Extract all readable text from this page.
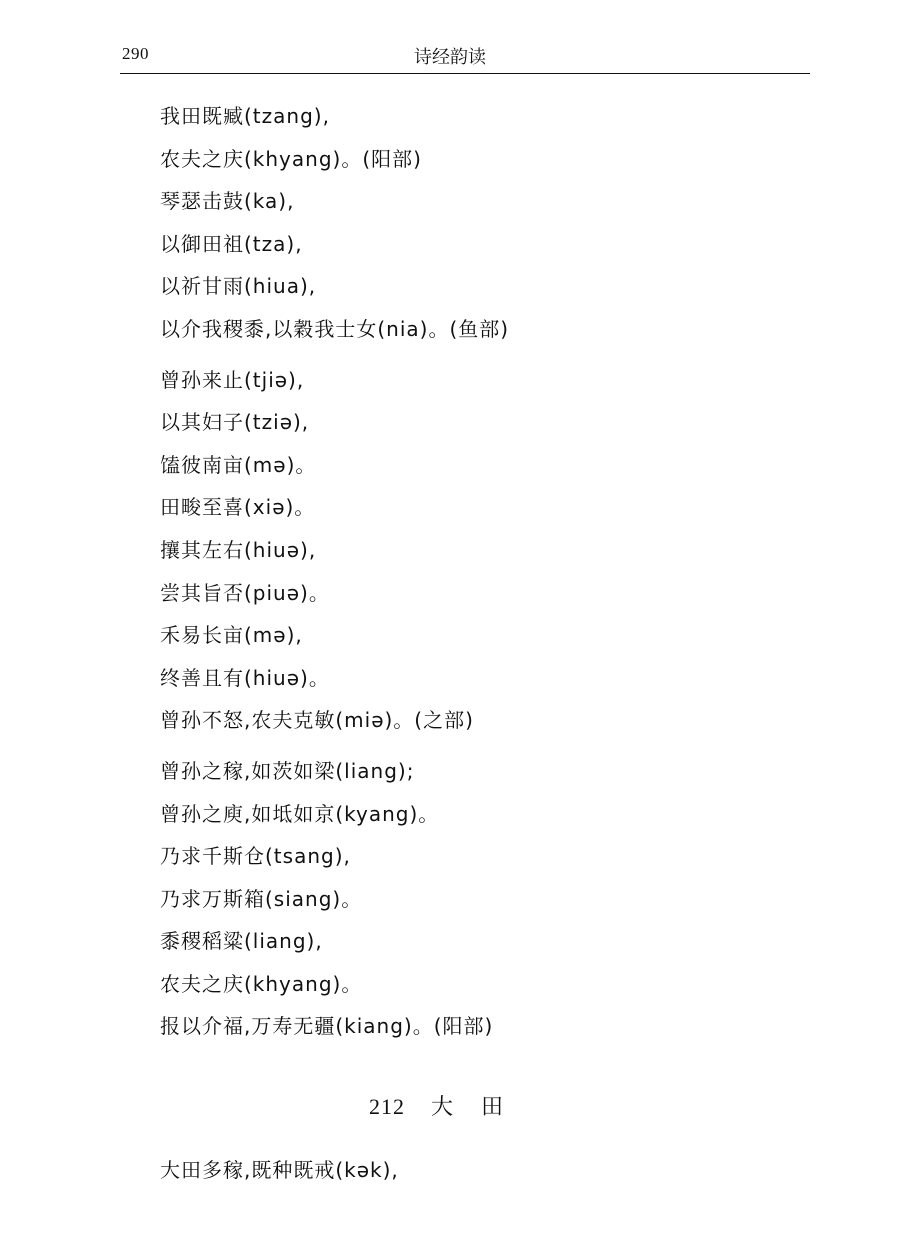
290	诗经韵读
我田既臧(tzang),
农夫之庆(khyang)。(阳部)
琴瑟击鼓(ka),
以御田祖(tza),
以祈甘雨(hiua),
以介我稷黍,以穀我士女(nia)。(鱼部)
曾孙来止(tjiə),
以其妇子(tziə),
馌彼南亩(mə)。
田畯至喜(xiə)。
攘其左右(hiuə),
尝其旨否(piuə)。
禾易长亩(mə),
终善且有(hiuə)。
曾孙不怒,农夫克敏(miə)。(之部)
曾孙之稼,如茨如梁(liang);
曾孙之庾,如坻如京(kyang)。
乃求千斯仓(tsang),
乃求万斯箱(siang)。
黍稷稻粱(liang),
农夫之庆(khyang)。
报以介福,万寿无疆(kiang)。(阳部)
212 大田
大田多稼,既种既戒(kək),
